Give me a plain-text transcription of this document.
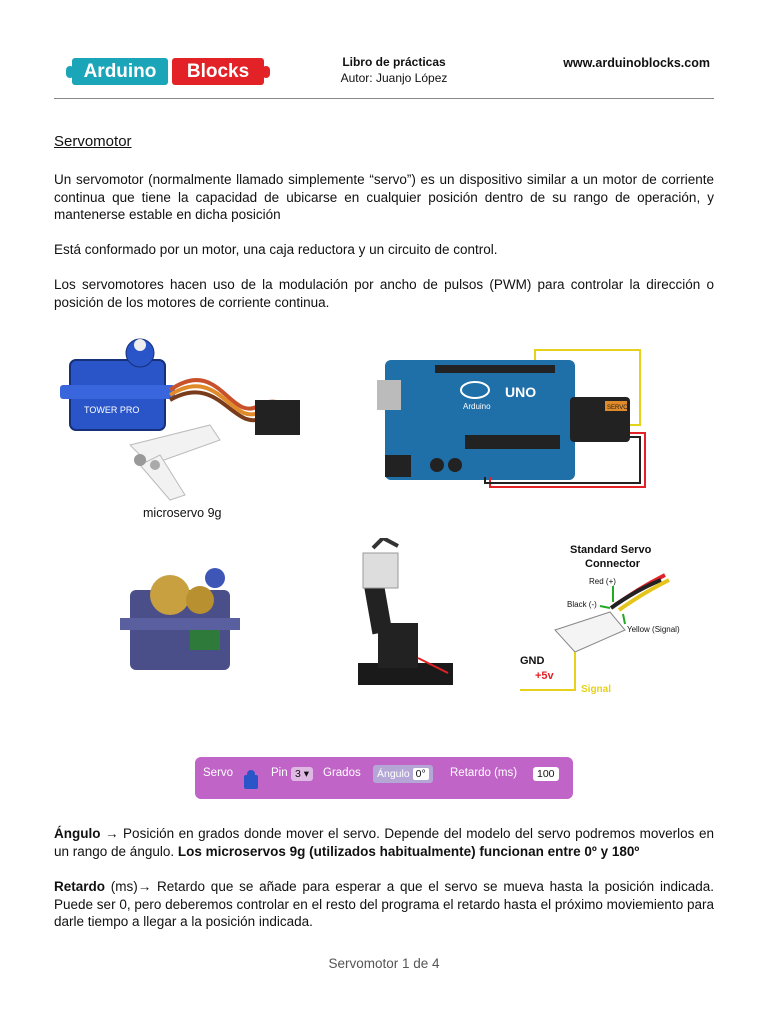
Arduino	Blocks	Libro de prácticas
Autor: Juanjo López
www.arduinoblocks.com
Servomotor

Un servomotor (normalmente llamado simplemente “servo”) es un dispositivo similar a un motor de corriente continua que tiene la capacidad de ubicarse en cualquier posición dentro de su rango de operación, y mantenerse estable en dicha posición

Está conformado por un motor, una caja reductora y un circuito de control.

Los servomotores hacen uso de la modulación por ancho de pulsos (PWM) para controlar la dirección o posición de los motores de corriente continua.

TOWER PRO
microservo 9g
UNO
Arduino	SERVO
Standard Servo
Connector
Red (+)
Black (-)
Yellow (Signal)
GND
+5v
Signal
Servo	Pin 3 ▾	Grados	Ángulo 0°	Retardo (ms)	100

Ángulo → Posición en grados donde mover el servo. Depende del modelo del servo podremos moverlos en un rango de ángulo. Los microservos 9g (utilizados habitualmente) funcionan entre 0º y 180º

Retardo (ms)→ Retardo que se añade para esperar a que el servo se mueva hasta la posición indicada. Puede ser 0, pero deberemos controlar en el resto del programa el retardo hasta el próximo moviemiento para darle tiempo a llegar a la posición indicada.

Servomotor 1 de 4
